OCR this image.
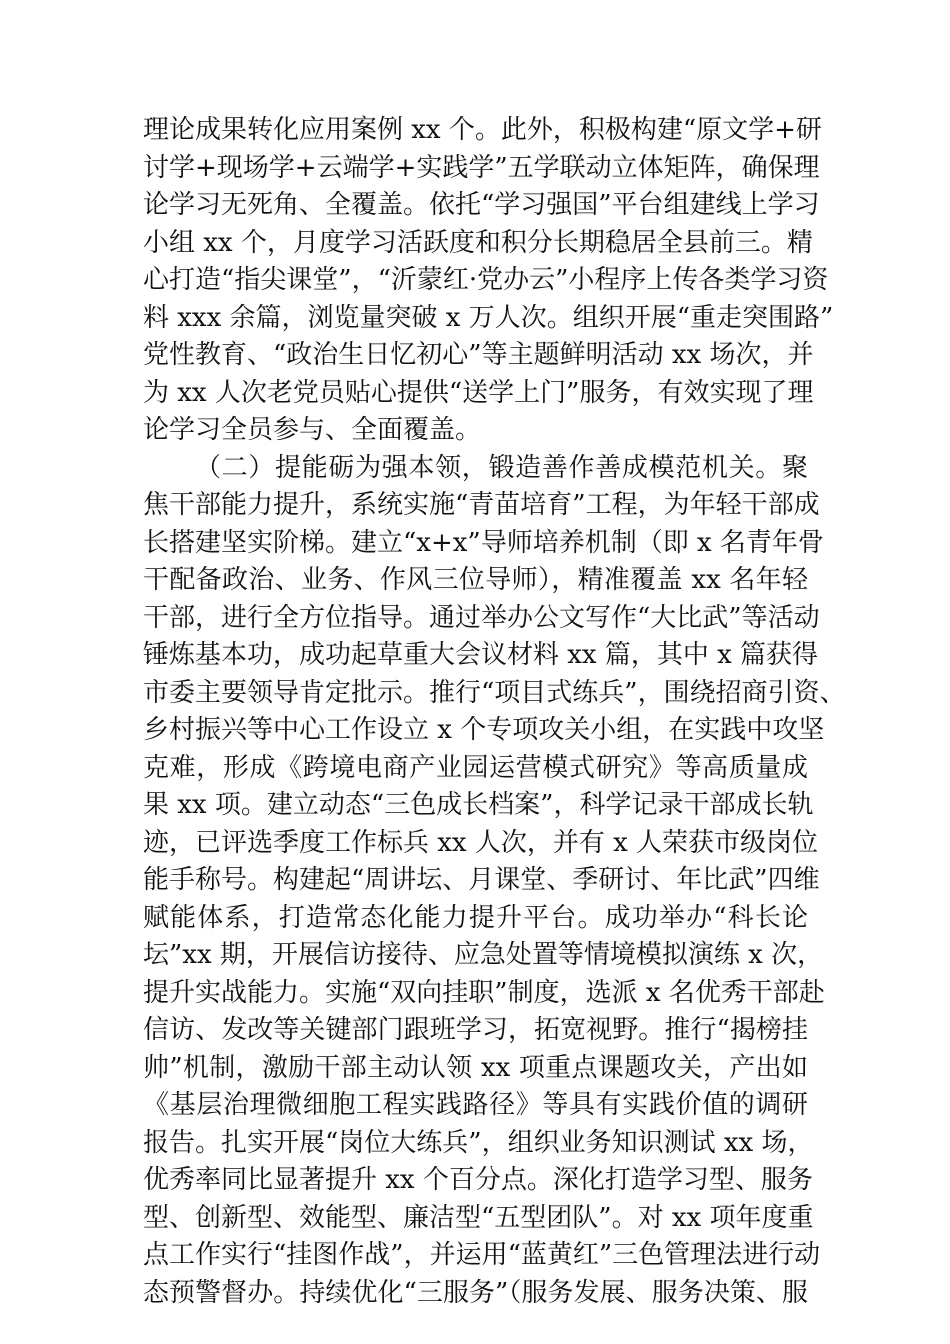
理论成果转化应用案例 xx 个。此外，积极构建“原文学+研
讨学+现场学+云端学+实践学”五学联动立体矩阵，确保理
论学习无死角、全覆盖。依托“学习强国”平台组建线上学习
小组 xx 个，月度学习活跃度和积分长期稳居全县前三。精
心打造“指尖课堂”，“沂蒙红·党办云”小程序上传各类学习资
料 xxx 余篇，浏览量突破 x 万人次。组织开展“重走突围路”
党性教育、“政治生日忆初心”等主题鲜明活动 xx 场次，并
为 xx 人次老党员贴心提供“送学上门”服务，有效实现了理
论学习全员参与、全面覆盖。
（二）提能砺为强本领，锻造善作善成模范机关。聚
焦干部能力提升，系统实施“青苗培育”工程，为年轻干部成
长搭建坚实阶梯。建立“x+x”导师培养机制（即 x 名青年骨
干配备政治、业务、作风三位导师），精准覆盖 xx 名年轻
干部，进行全方位指导。通过举办公文写作“大比武”等活动
锤炼基本功，成功起草重大会议材料 xx 篇，其中 x 篇获得
市委主要领导肯定批示。推行“项目式练兵”，围绕招商引资、
乡村振兴等中心工作设立 x 个专项攻关小组，在实践中攻坚
克难，形成《跨境电商产业园运营模式研究》等高质量成
果 xx 项。建立动态“三色成长档案”，科学记录干部成长轨
迹，已评选季度工作标兵 xx 人次，并有 x 人荣获市级岗位
能手称号。构建起“周讲坛、月课堂、季研讨、年比武”四维
赋能体系，打造常态化能力提升平台。成功举办“科长论
坛”xx 期，开展信访接待、应急处置等情境模拟演练 x 次，
提升实战能力。实施“双向挂职”制度，选派 x 名优秀干部赴
信访、发改等关键部门跟班学习，拓宽视野。推行“揭榜挂
帅”机制，激励干部主动认领 xx 项重点课题攻关，产出如
《基层治理微细胞工程实践路径》等具有实践价值的调研
报告。扎实开展“岗位大练兵”，组织业务知识测试 xx 场，
优秀率同比显著提升 xx 个百分点。深化打造学习型、服务
型、创新型、效能型、廉洁型“五型团队”。对 xx 项年度重
点工作实行“挂图作战”，并运用“蓝黄红”三色管理法进行动
态预警督办。持续优化“三服务”（服务发展、服务决策、服
